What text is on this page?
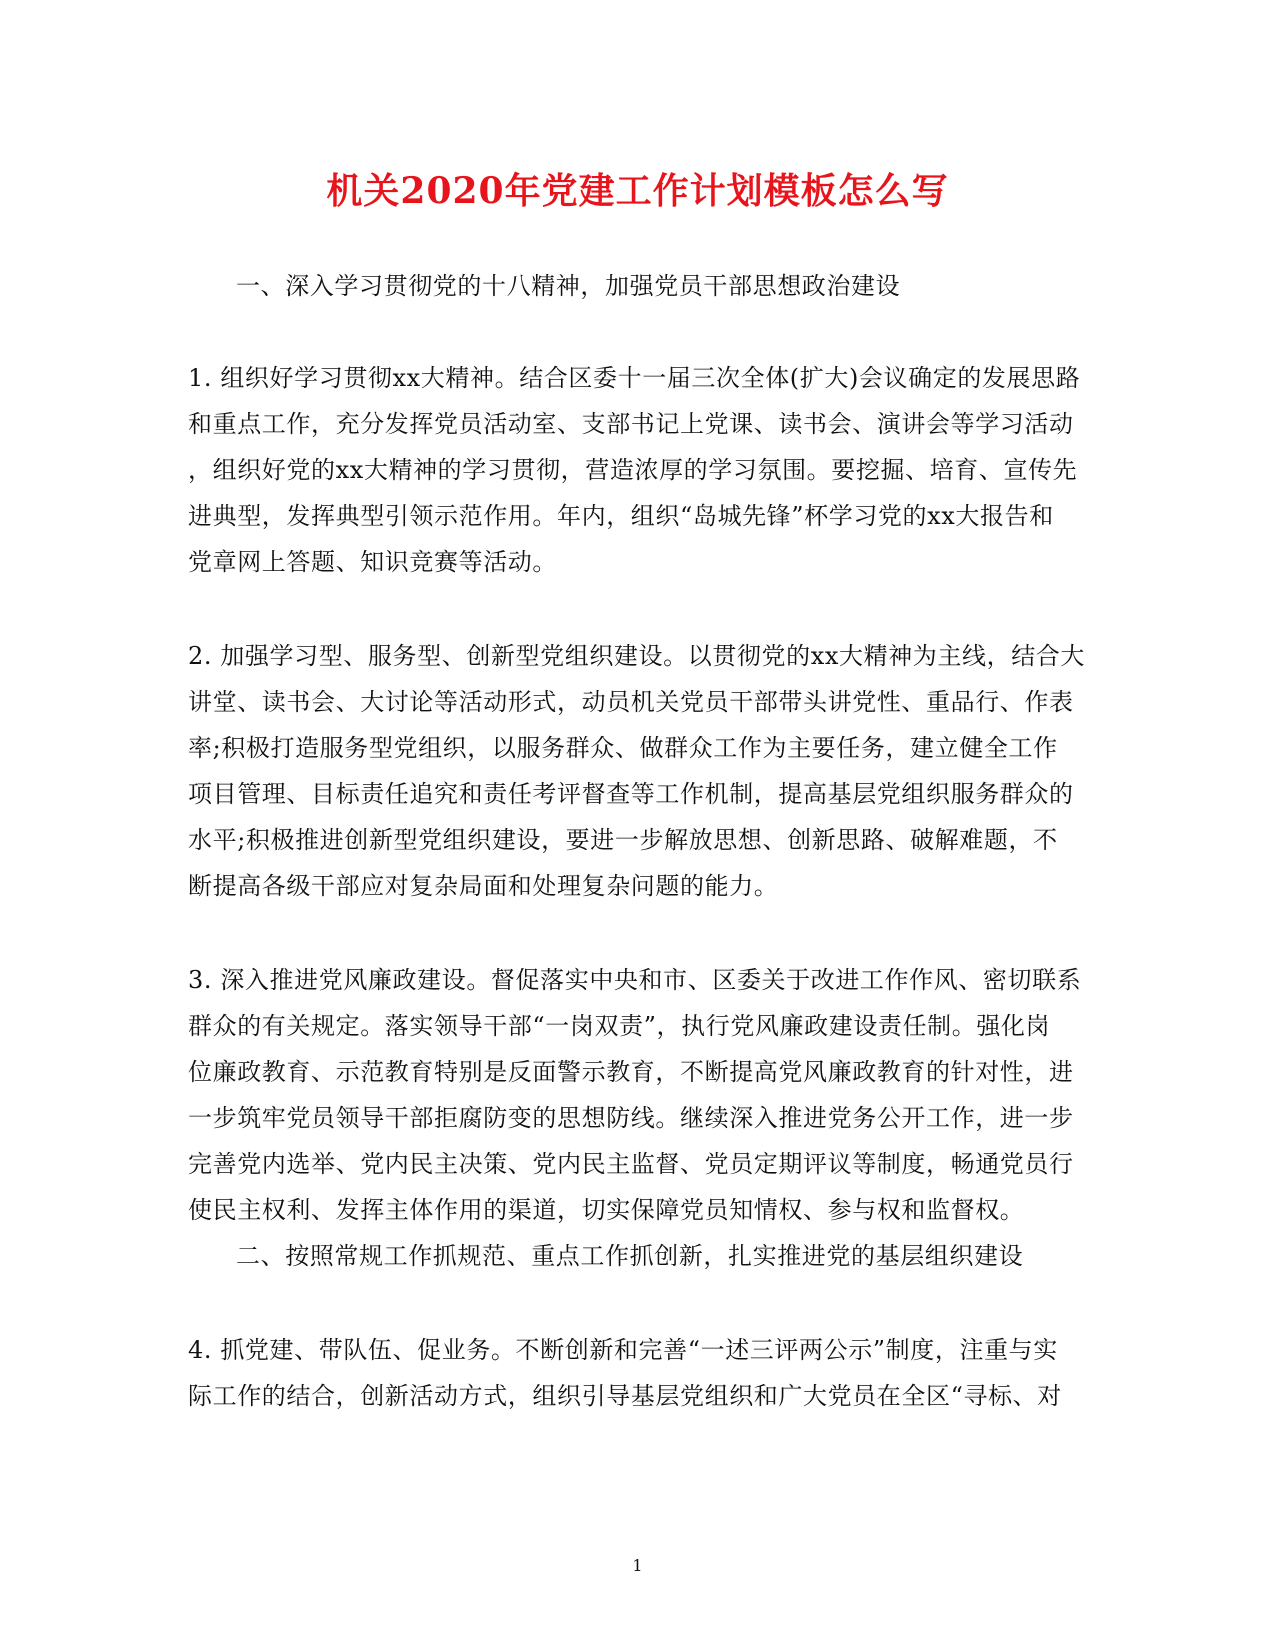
机关2020年党建工作计划模板怎么写
一、深入学习贯彻党的十八精神，加强党员干部思想政治建设
1. 组织好学习贯彻xx大精神。结合区委十一届三次全体(扩大)会议确定的发展思路
和重点工作，充分发挥党员活动室、支部书记上党课、读书会、演讲会等学习活动
，组织好党的xx大精神的学习贯彻，营造浓厚的学习氛围。要挖掘、培育、宣传先
进典型，发挥典型引领示范作用。年内，组织“岛城先锋”杯学习党的xx大报告和
党章网上答题、知识竞赛等活动。
2. 加强学习型、服务型、创新型党组织建设。以贯彻党的xx大精神为主线，结合大
讲堂、读书会、大讨论等活动形式，动员机关党员干部带头讲党性、重品行、作表
率;积极打造服务型党组织，以服务群众、做群众工作为主要任务，建立健全工作
项目管理、目标责任追究和责任考评督查等工作机制，提高基层党组织服务群众的
水平;积极推进创新型党组织建设，要进一步解放思想、创新思路、破解难题，不
断提高各级干部应对复杂局面和处理复杂问题的能力。
3. 深入推进党风廉政建设。督促落实中央和市、区委关于改进工作作风、密切联系
群众的有关规定。落实领导干部“一岗双责”，执行党风廉政建设责任制。强化岗
位廉政教育、示范教育特别是反面警示教育，不断提高党风廉政教育的针对性，进
一步筑牢党员领导干部拒腐防变的思想防线。继续深入推进党务公开工作，进一步
完善党内选举、党内民主决策、党内民主监督、党员定期评议等制度，畅通党员行
使民主权利、发挥主体作用的渠道，切实保障党员知情权、参与权和监督权。
二、按照常规工作抓规范、重点工作抓创新，扎实推进党的基层组织建设
4. 抓党建、带队伍、促业务。不断创新和完善“一述三评两公示”制度，注重与实
际工作的结合，创新活动方式，组织引导基层党组织和广大党员在全区“寻标、对
1
